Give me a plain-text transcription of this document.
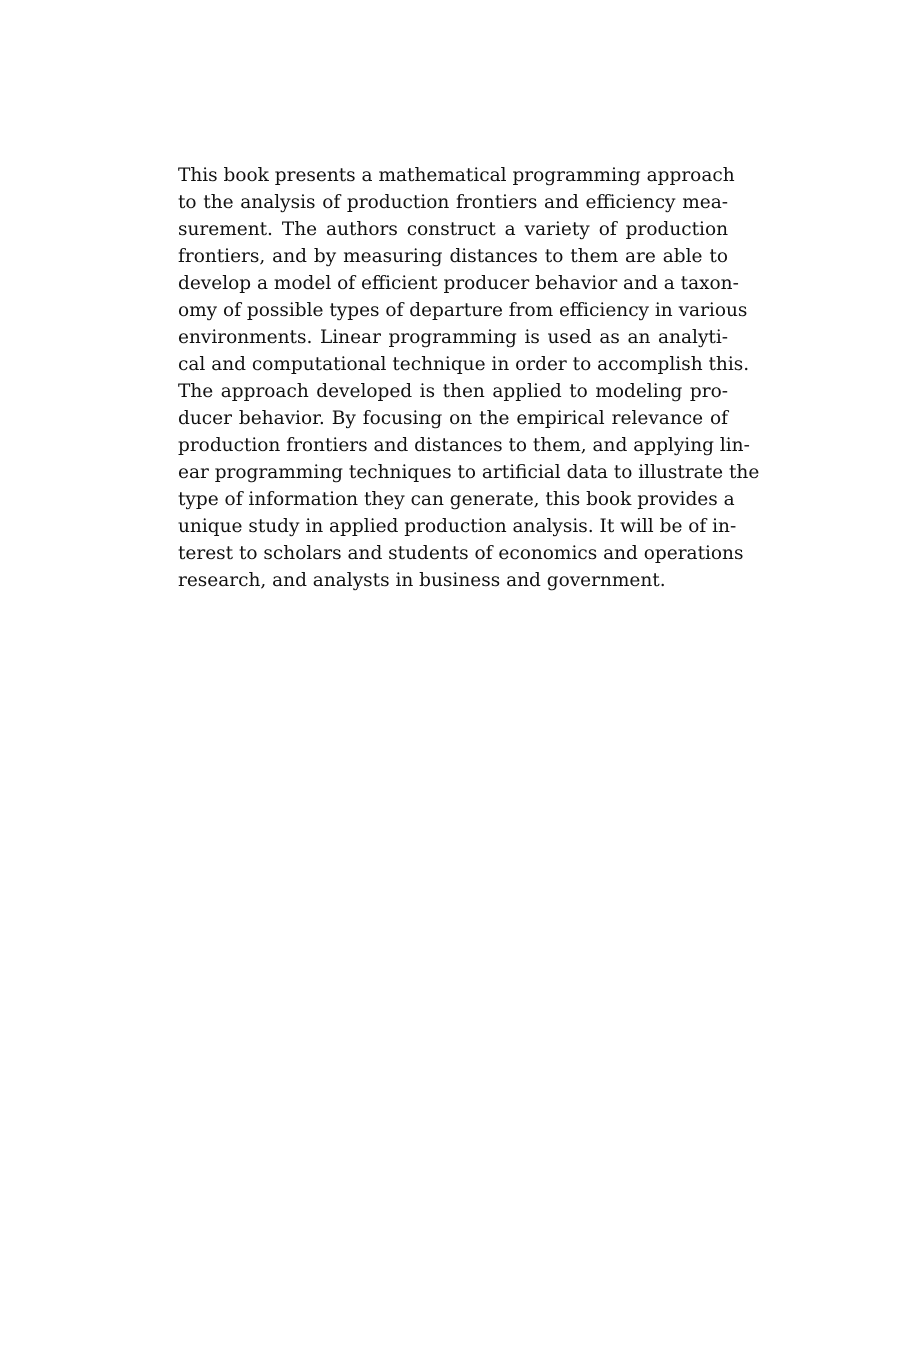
This book presents a mathematical programming approach
to the analysis of production frontiers and efficiency mea-
surement. The authors construct a variety of production
frontiers, and by measuring distances to them are able to
develop a model of efficient producer behavior and a taxon-
omy of possible types of departure from efficiency in various
environments. Linear programming is used as an analyti-
cal and computational technique in order to accomplish this.
The approach developed is then applied to modeling pro-
ducer behavior. By focusing on the empirical relevance of
production frontiers and distances to them, and applying lin-
ear programming techniques to artificial data to illustrate the
type of information they can generate, this book provides a
unique study in applied production analysis. It will be of in-
terest to scholars and students of economics and operations
research, and analysts in business and government.
